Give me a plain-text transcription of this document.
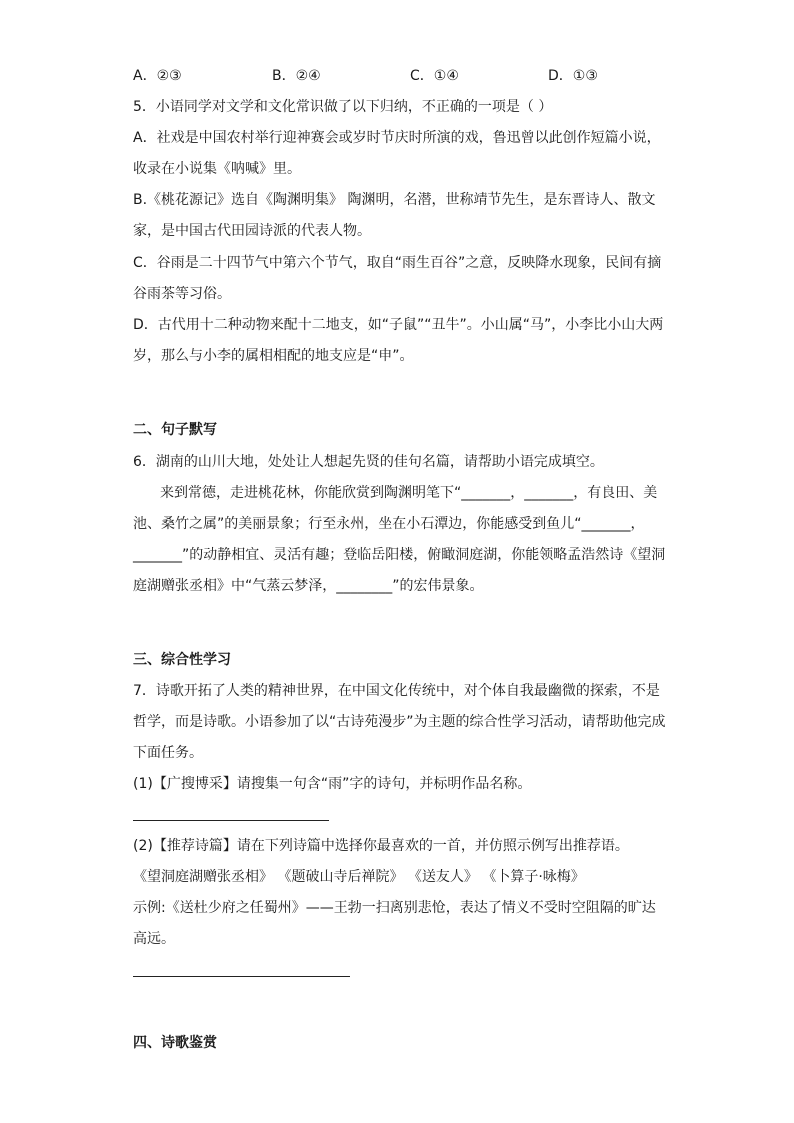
A．②③	B．②④	C．①④	D．①③
5．小语同学对文学和文化常识做了以下归纳，不正确的一项是（ ）
A．社戏是中国农村举行迎神赛会或岁时节庆时所演的戏，鲁迅曾以此创作短篇小说，
收录在小说集《呐喊》里。
B.《桃花源记》选自《陶渊明集》 陶渊明，名潜，世称靖节先生，是东晋诗人、散文
家，是中国古代田园诗派的代表人物。
C．谷雨是二十四节气中第六个节气，取自“雨生百谷”之意，反映降水现象，民间有摘
谷雨茶等习俗。
D．古代用十二种动物来配十二地支，如“子鼠”“丑牛”。小山属“马”，小李比小山大两
岁，那么与小李的属相相配的地支应是“申”。
二、句子默写
6．湖南的山川大地，处处让人想起先贤的佳句名篇，请帮助小语完成填空。
来到常德，走进桃花林，你能欣赏到陶渊明笔下“_______，_______，有良田、美
池、桑竹之属”的美丽景象；行至永州，坐在小石潭边，你能感受到鱼儿“_______，
_______”的动静相宜、灵活有趣；登临岳阳楼，俯瞰洞庭湖，你能领略孟浩然诗《望洞
庭湖赠张丞相》中“气蒸云梦泽，________”的宏伟景象。
三、综合性学习
7．诗歌开拓了人类的精神世界，在中国文化传统中，对个体自我最幽微的探索，不是
哲学，而是诗歌。小语参加了以“古诗苑漫步”为主题的综合性学习活动，请帮助他完成
下面任务。
(1)【广搜博采】请搜集一句含“雨”字的诗句，并标明作品名称。
(2)【推荐诗篇】请在下列诗篇中选择你最喜欢的一首，并仿照示例写出推荐语。
《望洞庭湖赠张丞相》 《题破山寺后禅院》 《送友人》 《卜算子·咏梅》
示例:《送杜少府之任蜀州》——王勃一扫离别悲怆，表达了情义不受时空阻隔的旷达
高远。
四、诗歌鉴赏
